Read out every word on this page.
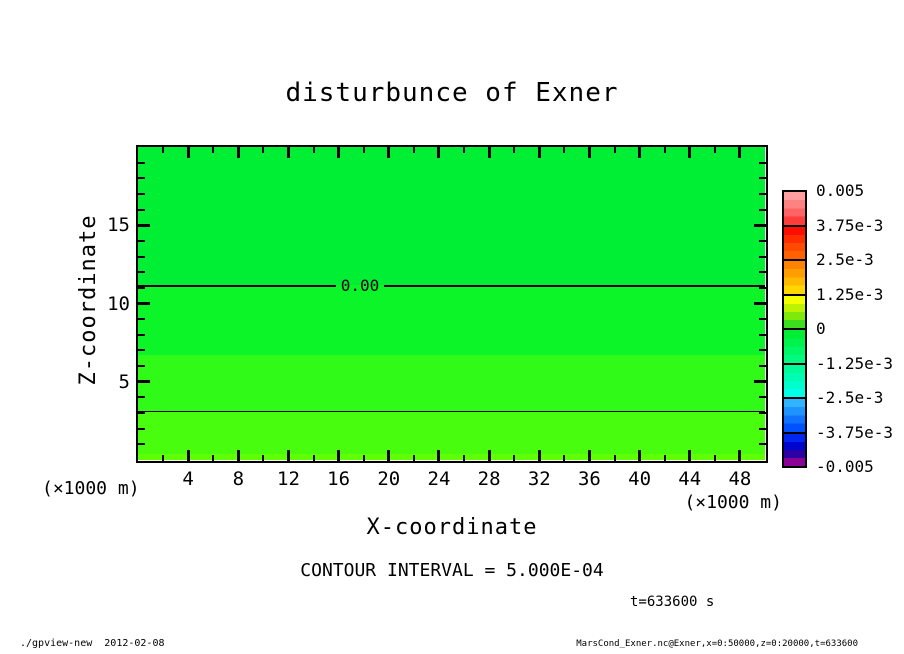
disturbunce of Exner
Z-coordinate	0.00
5
10
15
4	8	12	16	20	24	28	32	36	40	44	48
(×1000 m)
(×1000 m)
X-coordinate
CONTOUR INTERVAL = 5.000E-04
t=633600 s
0.005
3.75e-3
2.5e-3
1.25e-3
0
-1.25e-3
-2.5e-3
-3.75e-3
-0.005
./gpview-new  2012-02-08	MarsCond_Exner.nc@Exner,x=0:50000,z=0:20000,t=633600
